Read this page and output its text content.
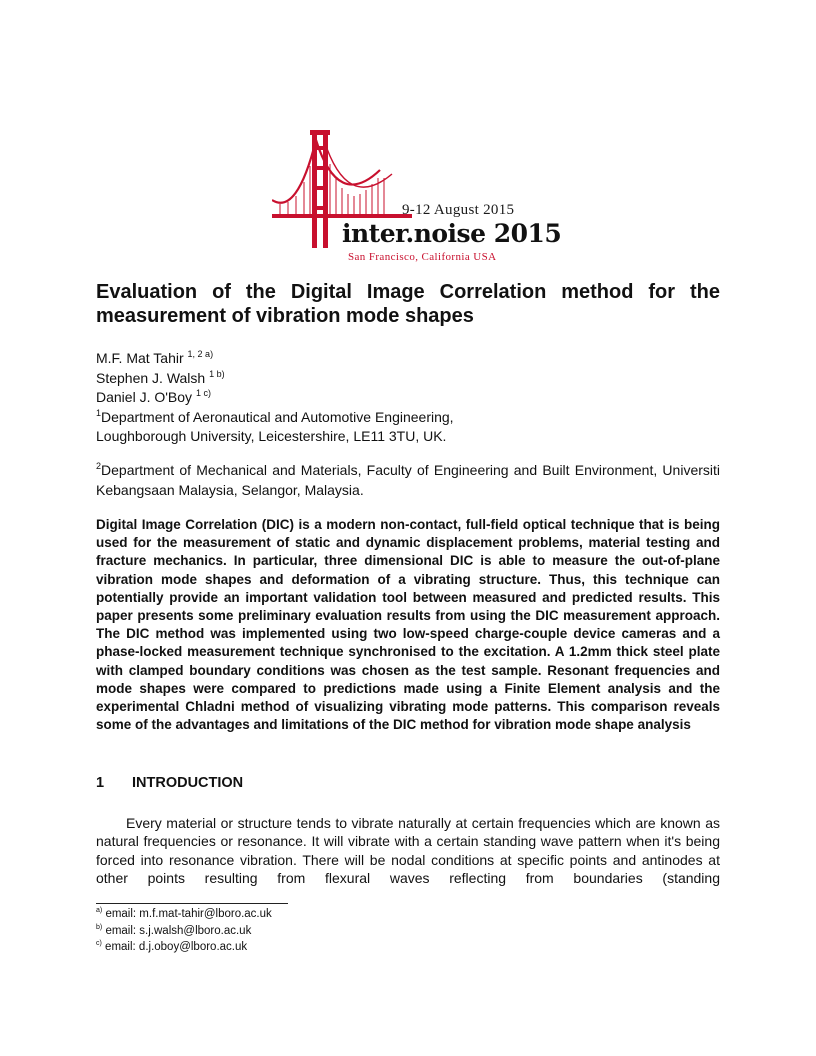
9-12 August 2015
inter.noise 2015
San Francisco, California USA
Evaluation of the Digital Image Correlation method for the measurement of vibration mode shapes
M.F. Mat Tahir $^{1, 2 a)}$
Stephen J. Walsh $^{1 b)}$
Daniel J. O'Boy $^{1 c)}$
$^1$Department of Aeronautical and Automotive Engineering,
Loughborough University, Leicestershire, LE11 3TU, UK.
$^2$Department of Mechanical and Materials, Faculty of Engineering and Built Environment, Universiti Kebangsaan Malaysia, Selangor, Malaysia.
Digital Image Correlation (DIC) is a modern non-contact, full-field optical technique that is being used for the measurement of static and dynamic displacement problems, material testing and fracture mechanics. In particular, three dimensional DIC is able to measure the out-of-plane vibration mode shapes and deformation of a vibrating structure. Thus, this technique can potentially provide an important validation tool between measured and predicted results. This paper presents some preliminary evaluation results from using the DIC measurement approach. The DIC method was implemented using two low-speed charge-couple device cameras and a phase-locked measurement technique synchronised to the excitation. A 1.2mm thick steel plate with clamped boundary conditions was chosen as the test sample. Resonant frequencies and mode shapes were compared to predictions made using a Finite Element analysis and the experimental Chladni method of visualizing vibrating mode patterns. This comparison reveals some of the advantages and limitations of the DIC method for vibration mode shape analysis
1 INTRODUCTION

Every material or structure tends to vibrate naturally at certain frequencies which are known as natural frequencies or resonance. It will vibrate with a certain standing wave pattern when it's being forced into resonance vibration. There will be nodal conditions at specific points and antinodes at other points resulting from flexural waves reflecting from boundaries (standing

$^{a)}$ email: m.f.mat-tahir@lboro.ac.uk
$^{b)}$ email: s.j.walsh@lboro.ac.uk
$^{c)}$ email: d.j.oboy@lboro.ac.uk
